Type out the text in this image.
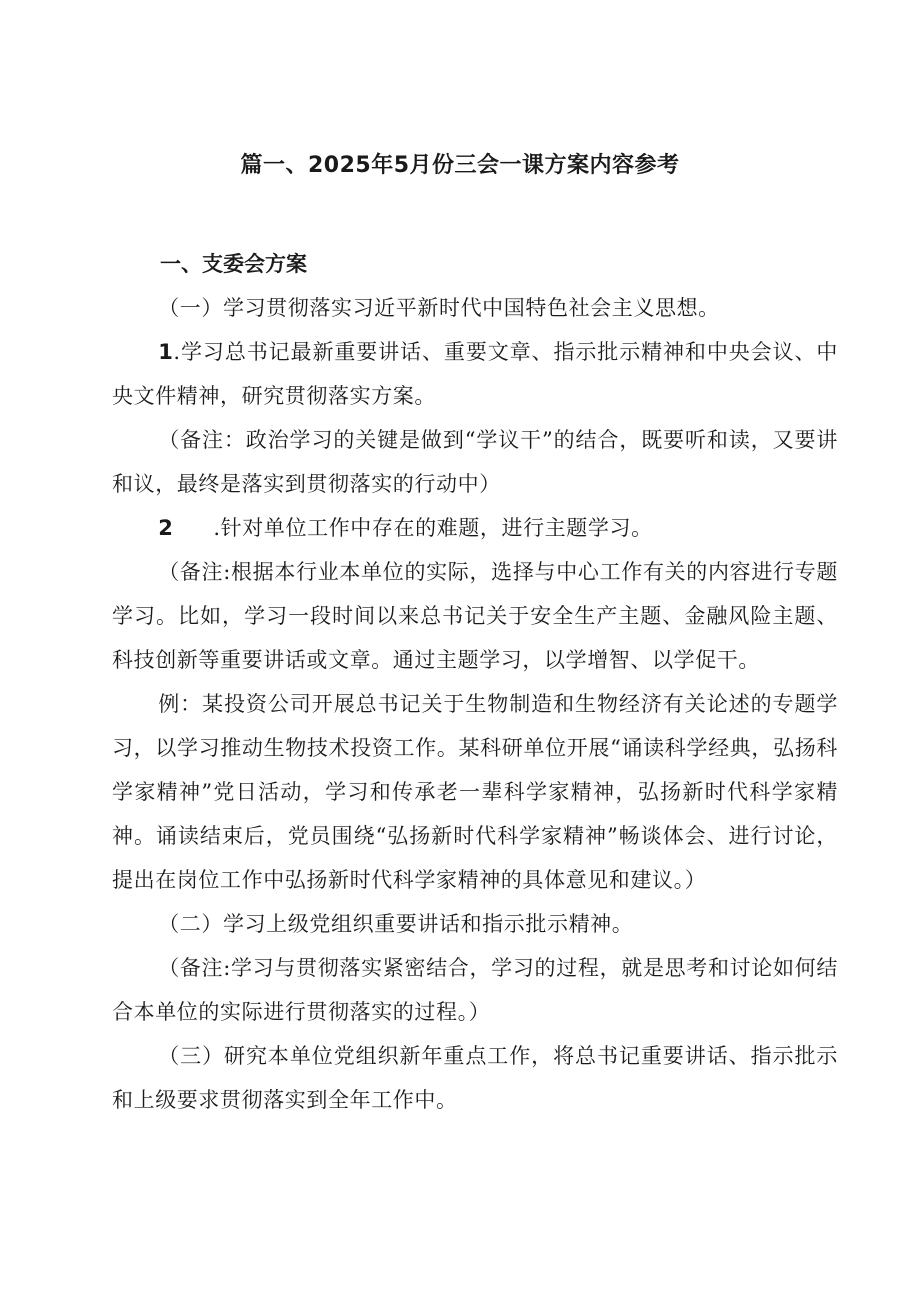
篇一、2025年5月份三会一课方案内容参考
一、支委会方案

（一）学习贯彻落实习近平新时代中国特色社会主义思想。

1.学习总书记最新重要讲话、重要文章、指示批示精神和中央会议、中央文件精神，研究贯彻落实方案。

（备注：政治学习的关键是做到“学议干”的结合，既要听和读，又要讲和议，最终是落实到贯彻落实的行动中）

2 .针对单位工作中存在的难题，进行主题学习。

（备注:根据本行业本单位的实际，选择与中心工作有关的内容进行专题学习。比如，学习一段时间以来总书记关于安全生产主题、金融风险主题、科技创新等重要讲话或文章。通过主题学习，以学增智、以学促干。

例：某投资公司开展总书记关于生物制造和生物经济有关论述的专题学习，以学习推动生物技术投资工作。某科研单位开展“诵读科学经典，弘扬科学家精神”党日活动，学习和传承老一辈科学家精神，弘扬新时代科学家精神。诵读结束后，党员围绕“弘扬新时代科学家精神”畅谈体会、进行讨论，提出在岗位工作中弘扬新时代科学家精神的具体意见和建议。）

（二）学习上级党组织重要讲话和指示批示精神。

（备注:学习与贯彻落实紧密结合，学习的过程，就是思考和讨论如何结合本单位的实际进行贯彻落实的过程。）

（三）研究本单位党组织新年重点工作，将总书记重要讲话、指示批示和上级要求贯彻落实到全年工作中。
